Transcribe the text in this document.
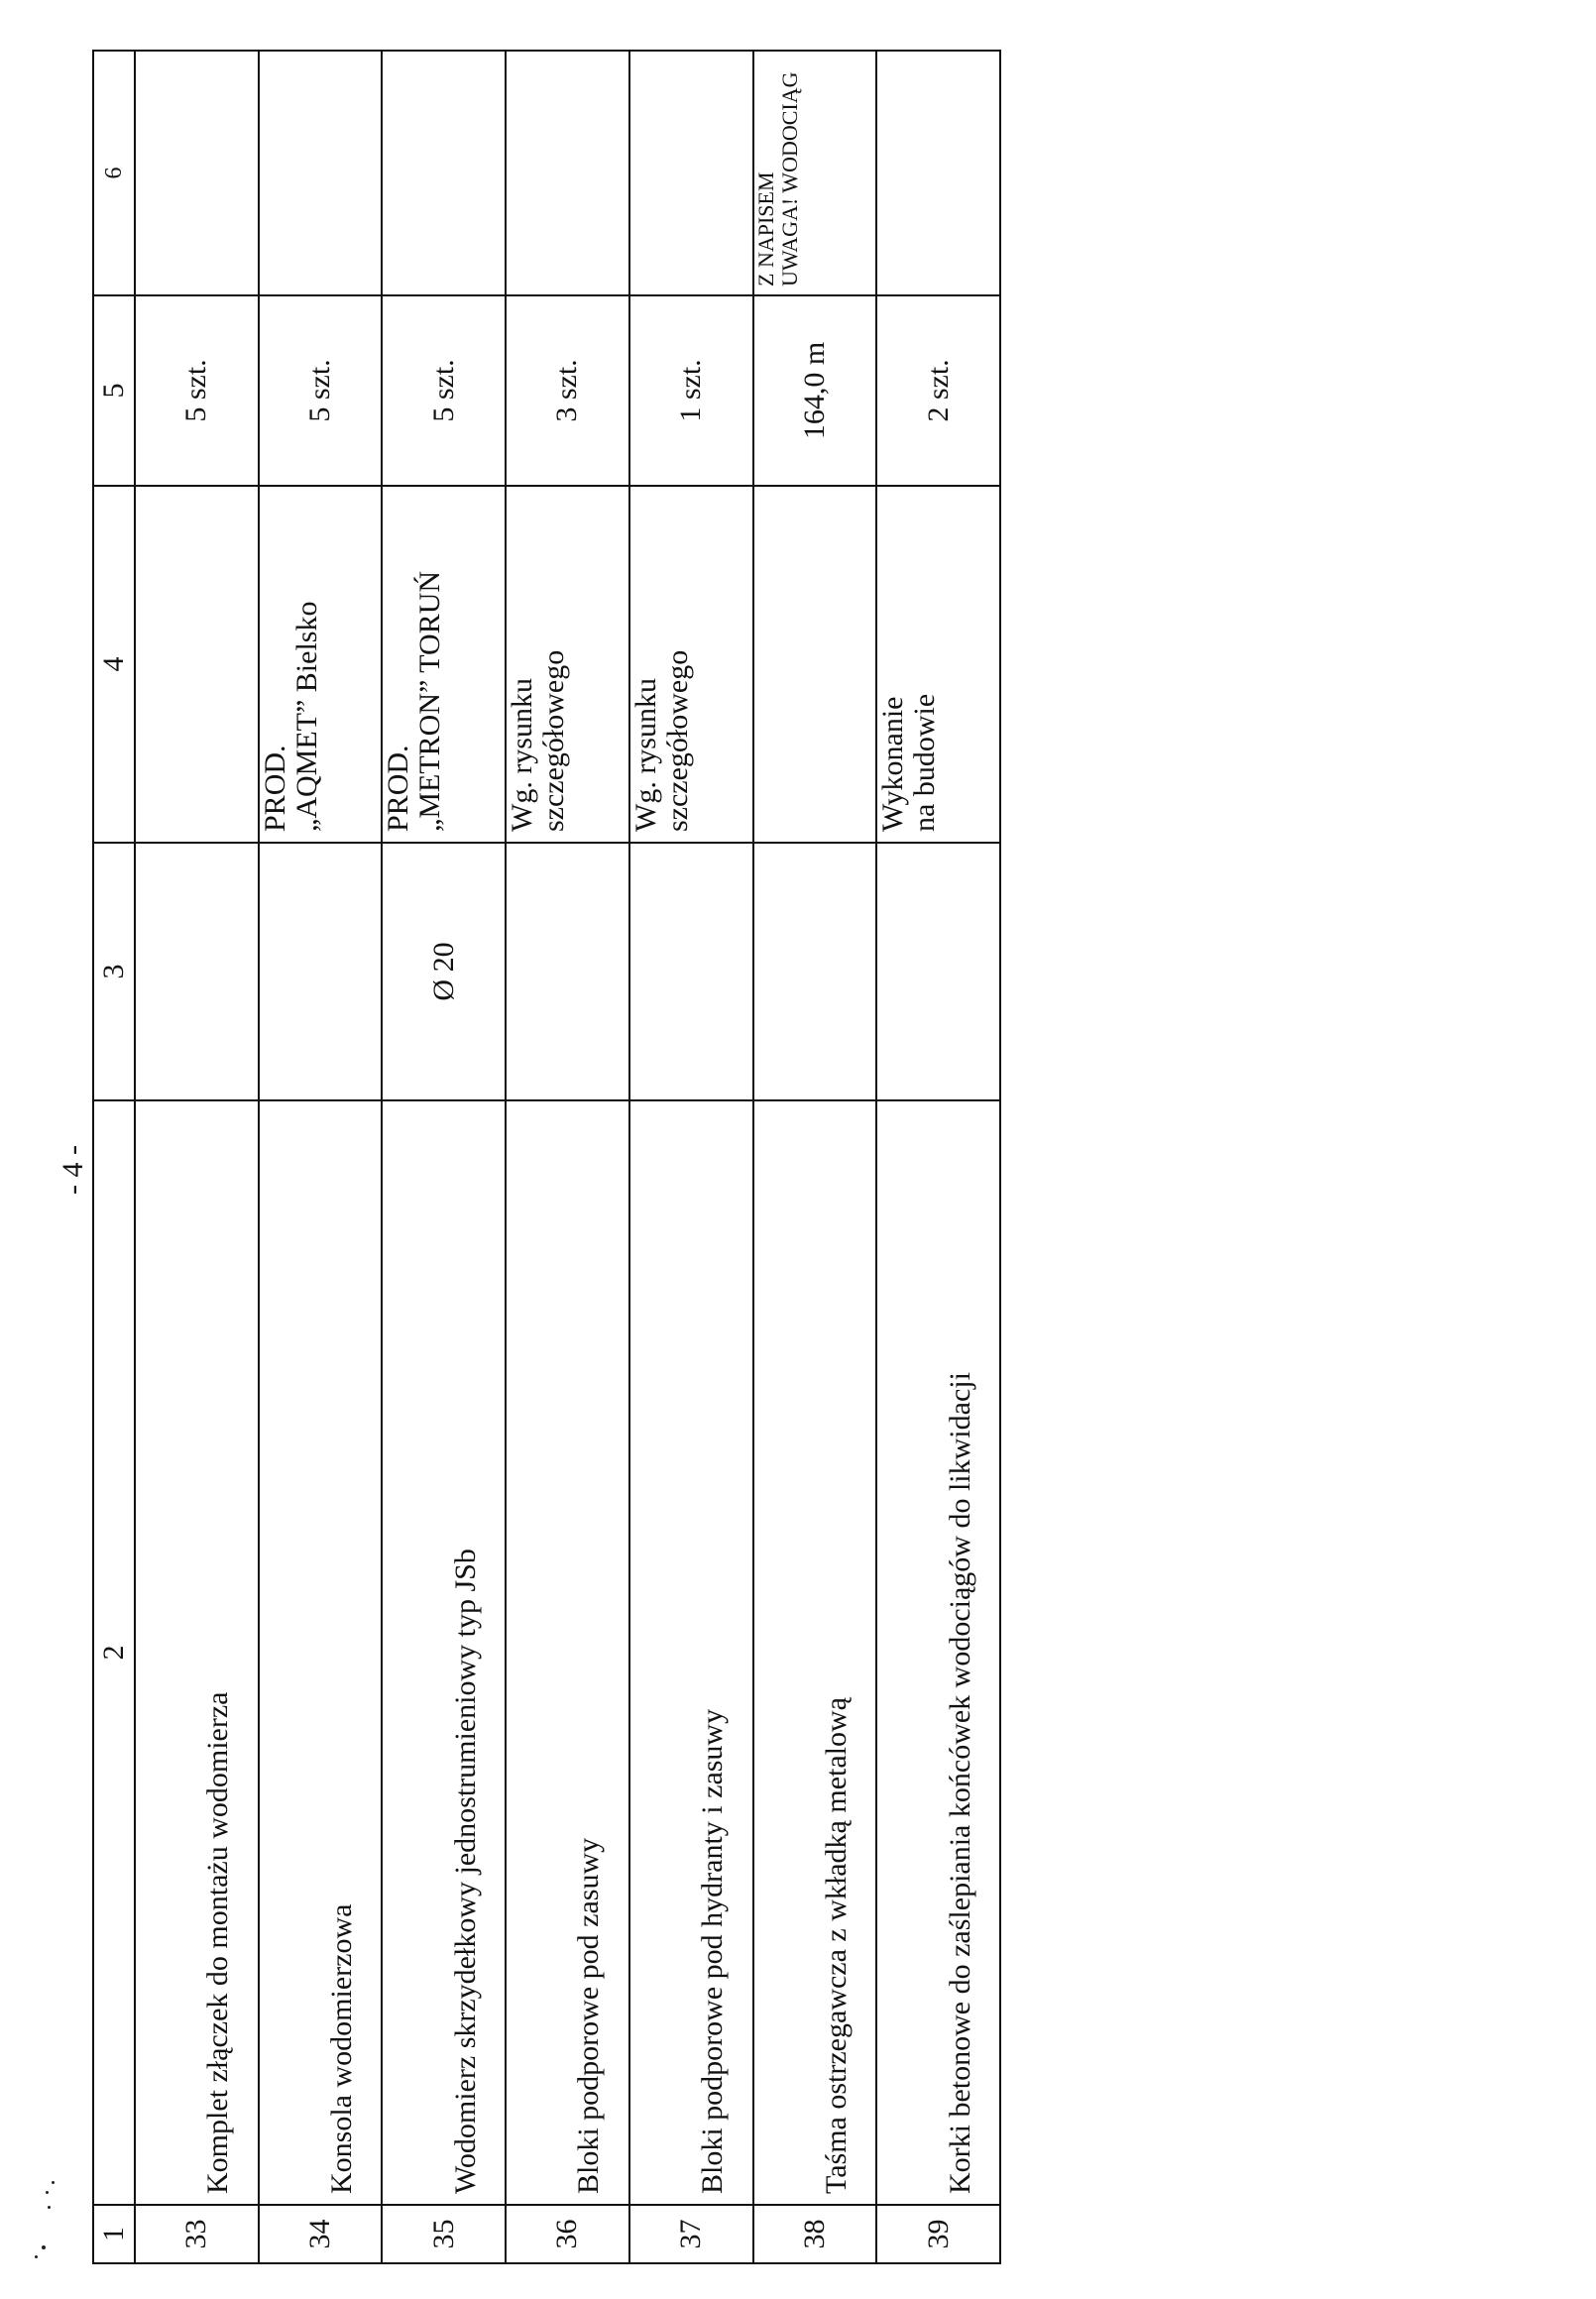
- 4 -
1	2	3	4	5	6
33	Komplet złączek do montażu wodomierza			5 szt.	
34	Konsola wodomierzowa		PROD. „AQMET” Bielsko	5 szt.	
35	Wodomierz skrzydełkowy jednostrumieniowy typ JSb	Ø 20	PROD. „METRON” TORUŃ	5 szt.	
36	Bloki podporowe pod zasuwy		Wg. rysunku szczegółowego	3 szt.	
37	Bloki podporowe pod hydranty i zasuwy		Wg. rysunku szczegółowego	1 szt.	
38	Taśma ostrzegawcza z wkładką metalową			164,0 m	Z NAPISEM UWAGA! WODOCIĄG

39	Korki betonowe do zaślepiania końcówek wodociągów do likwidacji		Wykonanie na budowie	2 szt.	
